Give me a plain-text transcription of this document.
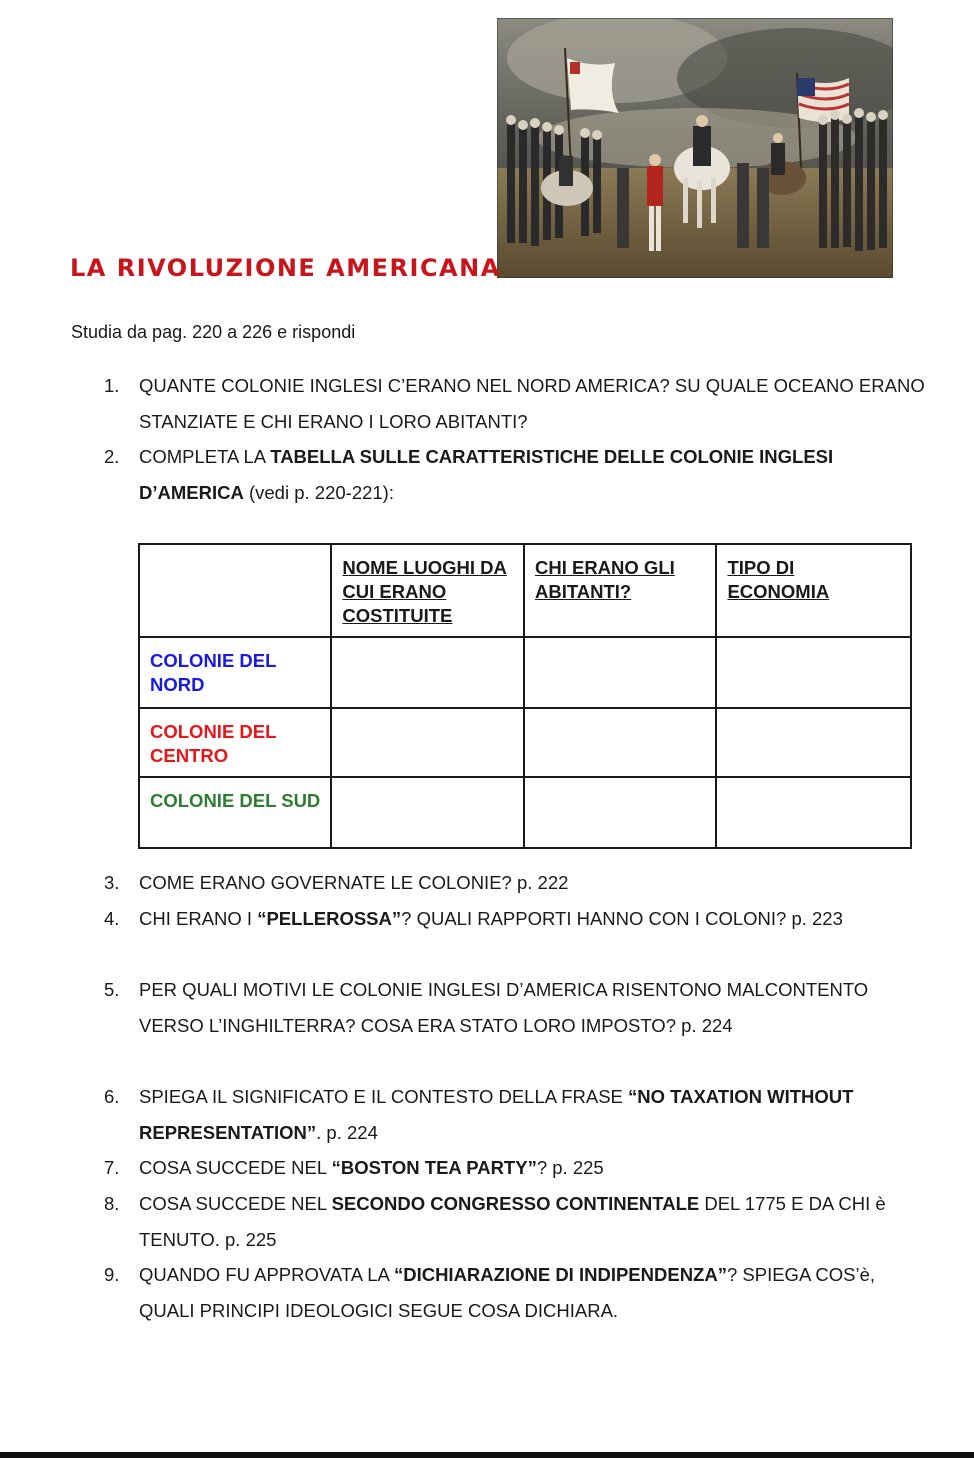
LA RIVOLUZIONE AMERICANA
Studia da pag. 220 a 226 e rispondi
1. QUANTE COLONIE INGLESI C’ERANO NEL NORD AMERICA? SU QUALE OCEANO ERANO STANZIATE E CHI ERANO I LORO ABITANTI?
2. COMPLETA LA TABELLA SULLE CARATTERISTICHE DELLE COLONIE INGLESI D’AMERICA (vedi p. 220-221):
	NOME LUOGHI DA CUI ERANO COSTITUITE	CHI ERANO GLI ABITANTI?	TIPO DI ECONOMIA
COLONIE DEL NORD			
COLONIE DEL CENTRO			
COLONIE DEL SUD			
3. COME ERANO GOVERNATE LE COLONIE? p. 222
4. CHI ERANO I “PELLEROSSA”? QUALI RAPPORTI HANNO CON I COLONI? p. 223
5. PER QUALI MOTIVI LE COLONIE INGLESI D’AMERICA RISENTONO MALCONTENTO VERSO L’INGHILTERRA? COSA ERA STATO LORO IMPOSTO? p. 224
6. SPIEGA IL SIGNIFICATO E IL CONTESTO DELLA FRASE “NO TAXATION WITHOUT REPRESENTATION”. p. 224
7. COSA SUCCEDE NEL “BOSTON TEA PARTY”? p. 225
8. COSA SUCCEDE NEL SECONDO CONGRESSO CONTINENTALE DEL 1775 E DA CHI è TENUTO. p. 225
9. QUANDO FU APPROVATA LA “DICHIARAZIONE DI INDIPENDENZA”? SPIEGA COS’è, QUALI PRINCIPI IDEOLOGICI SEGUE COSA DICHIARA.
